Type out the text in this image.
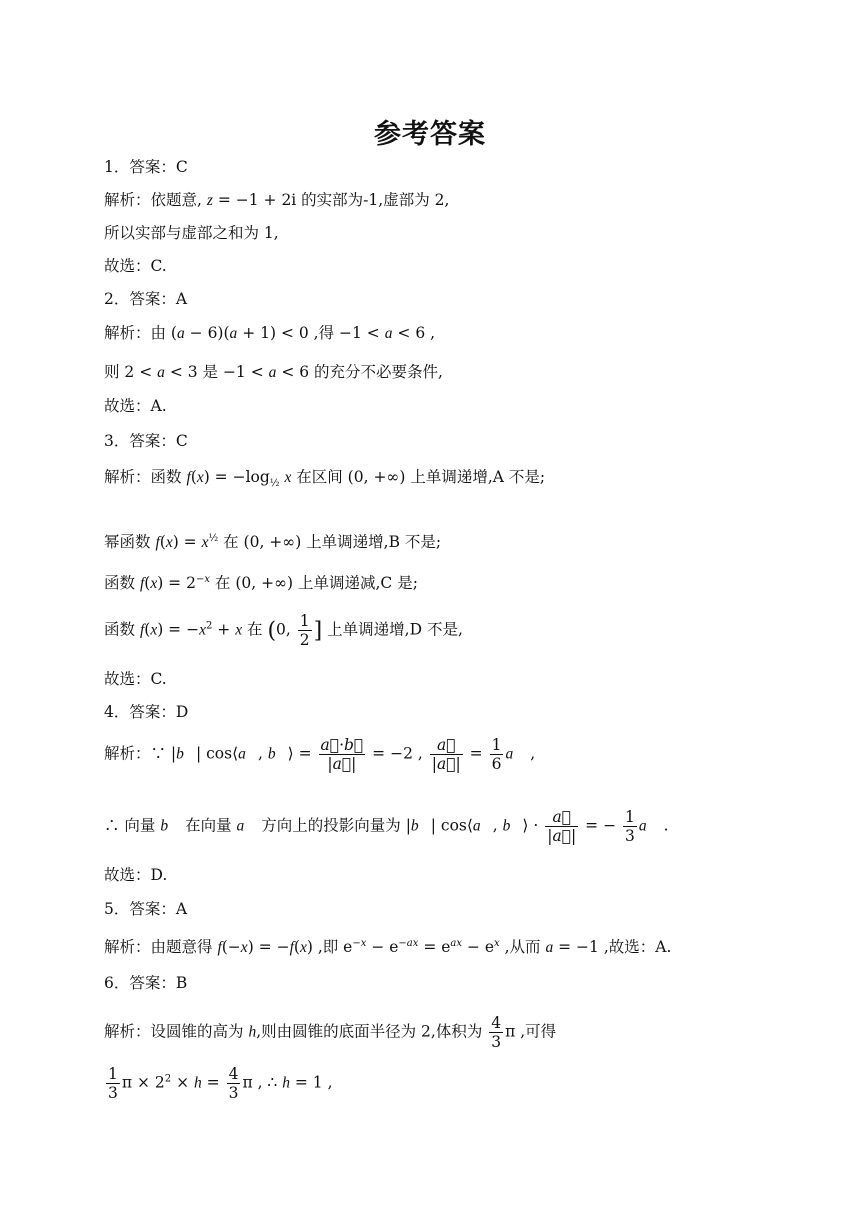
参考答案
1．答案：C
解析：依题意, z = −1 + 2i 的实部为-1,虚部为 2,
所以实部与虚部之和为 1,
故选：C.
2．答案：A
解析：由 (a − 6)(a + 1) < 0 ,得 −1 < a < 6 ,
则 2 < a < 3 是 −1 < a < 6 的充分不必要条件,
故选：A.
3．答案：C
解析：函数 $f(x) = -\log_{\frac{1}{2}}$ x 在区间 (0, +∞) 上单调递增,A 不是;
幂函数 $f(x) = x^{\frac{1}{2}}$ 在 (0, +∞) 上单调递增,B 不是;
函数 $f(x) = 2^{-x}$ 在 (0, +∞) 上单调递减,C 是;
函数 $f(x) = -x^2 + x$ 在 (0, $\frac{1}{2}$ ] 上单调递增,D 不是,
故选：C.
4．答案：D
解析：∵ |b⃗| cos⟨a⃗, b⃗⟩ = $\frac{a⃗\cdot b⃗}{|a⃗|} = -2$ , $\frac{a⃗}{|a⃗|} = \frac{1}{6}$ a⃗ ,
∴ 向量 b⃗ 在向量 a⃗ 方向上的投影向量为 |b⃗| cos⟨a⃗, b⃗⟩ · $\frac{a⃗}{|a⃗|}$ = − $\frac{1}{3}$ a⃗ .
故选：D.
5．答案：A
解析：由题意得 f(−x) = −f(x) ,即 $e^{-x} - e^{-ax} = e^{ax} - e^x$ ,从而 a = −1 ,故选：A.
6．答案：B
解析：设圆锥的高为 h,则由圆锥的底面半径为 2,体积为 $\frac{4}{3}$ π ,可得
$\frac{1}{3}$ $\pi \times 2^2 \times h = \frac{4}{3}$ π , ∴ h = 1 ,
